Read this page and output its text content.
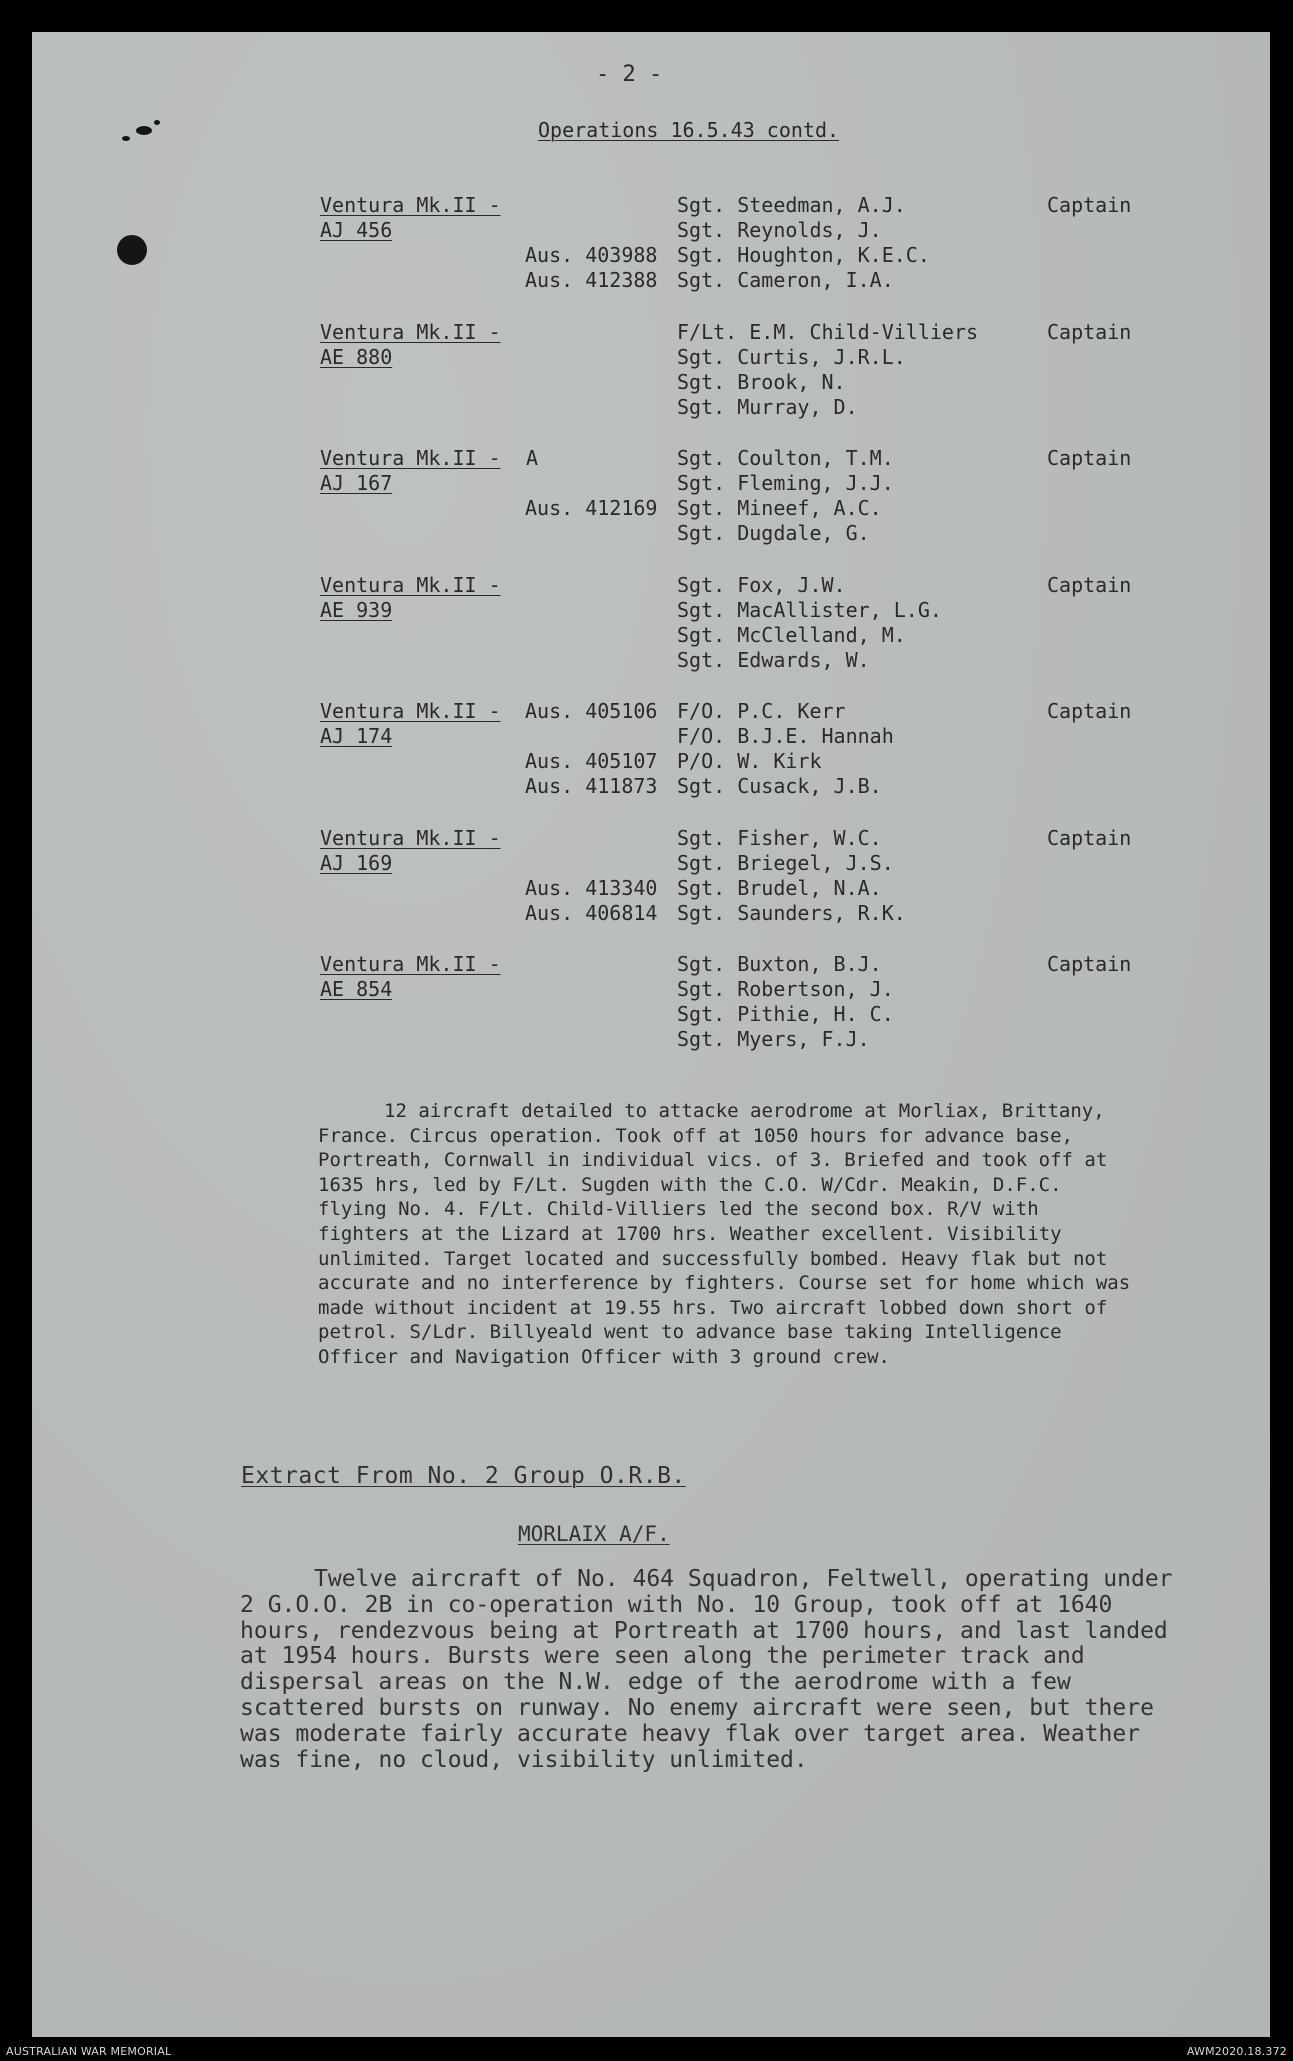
- 2 -

Operations 16.5.43 contd.

Ventura Mk.II -

AJ 456

Captain

Sgt. Steedman, A.J.

Sgt. Reynolds, J.

Aus. 403988 Sgt. Houghton, K.E.C.

Aus. 412388 Sgt. Cameron, I.A.

Ventura Mk.II -

AE 880

Captain

F/Lt. E.M. Child-Villiers

Sgt. Curtis, J.R.L.

Sgt. Brook, N.

Sgt. Murray, D.

Ventura Mk.II - A

AJ 167

Captain

Sgt. Coulton, T.M.

Sgt. Fleming, J.J.

Aus. 412169 Sgt. Mineef, A.C.

Sgt. Dugdale, G.

Ventura Mk.II -

AE 939

Captain

Sgt. Fox, J.W.

Sgt. MacAllister, L.G.

Sgt. McClelland, M.

Sgt. Edwards, W.

Ventura Mk.II -

AJ 174

Captain

Aus. 405106 F/O. P.C. Kerr

F/O. B.J.E. Hannah

Aus. 405107 P/O. W. Kirk

Aus. 411873 Sgt. Cusack, J.B.

Ventura Mk.II -

AJ 169

Captain

Sgt. Fisher, W.C.

Sgt. Briegel, J.S.

Aus. 413340 Sgt. Brudel, N.A.

Aus. 406814 Sgt. Saunders, R.K.

Ventura Mk.II -

AE 854

Captain

Sgt. Buxton, B.J.

Sgt. Robertson, J.

Sgt. Pithie, H. C.

Sgt. Myers, F.J.

12 aircraft detailed to attacke aerodrome at Morliax, Brittany, France. Circus operation. Took off at 1050 hours for advance base, Portreath, Cornwall in individual vics. of 3. Briefed and took off at 1635 hrs, led by F/Lt. Sugden with the C.O. W/Cdr. Meakin, D.F.C. flying No. 4. F/Lt. Child-Villiers led the second box. R/V with fighters at the Lizard at 1700 hrs. Weather excellent. Visibility unlimited. Target located and successfully bombed. Heavy flak but not accurate and no interference by fighters. Course set for home which was made without incident at 19.55 hrs. Two aircraft lobbed down short of petrol. S/Ldr. Billyeald went to advance base taking Intelligence Officer and Navigation Officer with 3 ground crew.

Extract From No. 2 Group O.R.B.

MORLAIX A/F.

Twelve aircraft of No. 464 Squadron, Feltwell, operating under 2 G.O.O. 2B in co-operation with No. 10 Group, took off at 1640 hours, rendezvous being at Portreath at 1700 hours, and last landed at 1954 hours. Bursts were seen along the perimeter track and dispersal areas on the N.W. edge of the aerodrome with a few scattered bursts on runway. No enemy aircraft were seen, but there was moderate fairly accurate heavy flak over target area. Weather was fine, no cloud, visibility unlimited.

AUSTRALIAN WAR MEMORIAL	AWM2020.18.372
